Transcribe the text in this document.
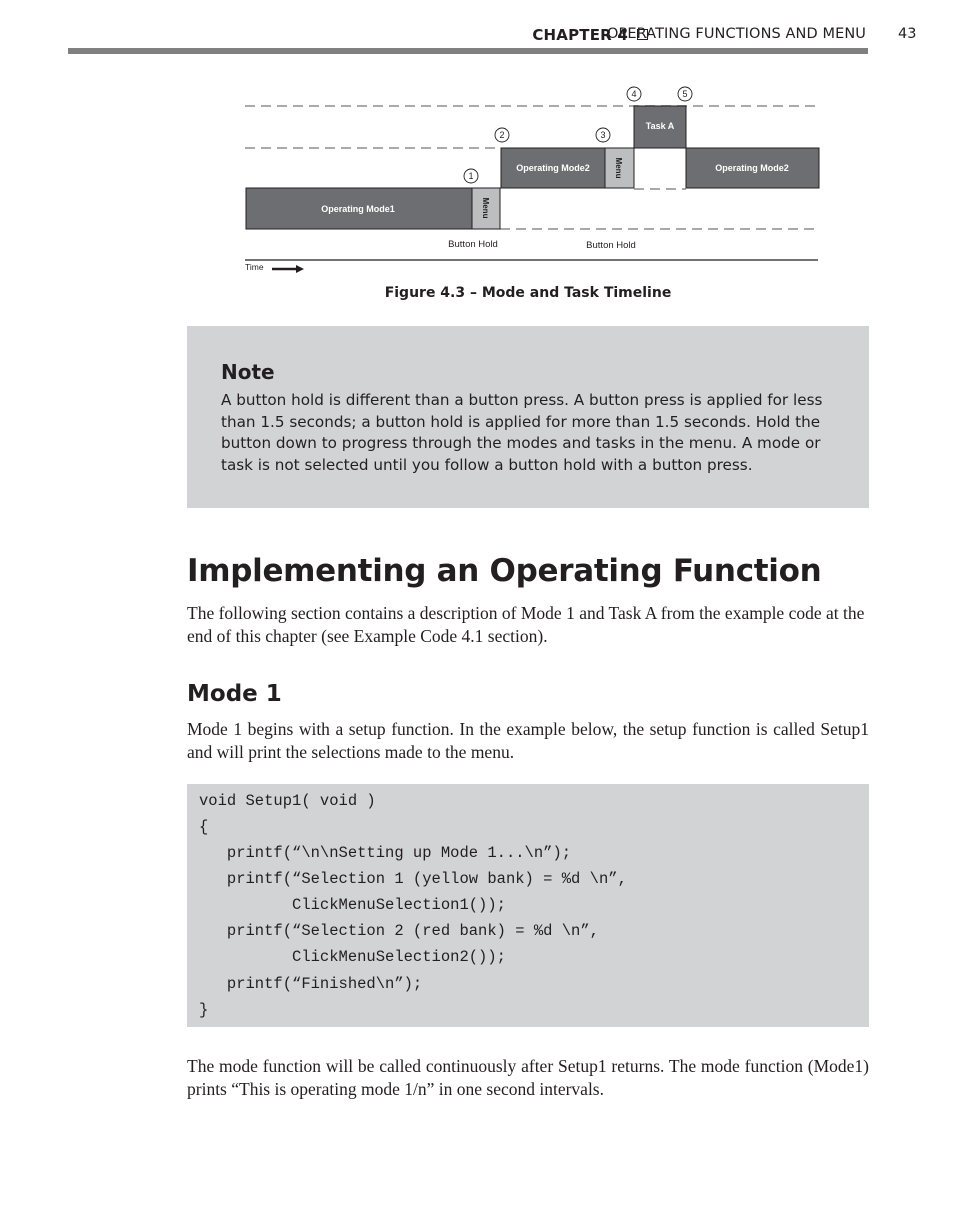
CHAPTER 4
OPERATING FUNCTIONS AND MENU 43
Operating Mode1	Menu
Operating Mode2	Menu
Task A
Operating Mode2
1
2	3
4	5
Button Hold	Button Hold
Time
Figure 4.3 – Mode and Task Timeline
Note
A button hold is different than a button press. A button press is applied for less than 1.5 seconds; a button hold is applied for more than 1.5 seconds. Hold the button down to progress through the modes and tasks in the menu. A mode or task is not selected until you follow a button hold with a button press.
Implementing an Operating Function
The following section contains a description of Mode 1 and Task A from the example code at the end of this chapter (see Example Code 4.1 section).
Mode 1
Mode 1 begins with a setup function. In the example below, the setup function is called Setup1 and will print the selections made to the menu.
void Setup1( void )
{
printf(“\n\nSetting up Mode 1...\n”);
printf(“Selection 1 (yellow bank) = %d \n”,
ClickMenuSelection1());
printf(“Selection 2 (red bank) = %d \n”,
ClickMenuSelection2());
printf(“Finished\n”);
}
The mode function will be called continuously after Setup1 returns. The mode function (Mode1) prints “This is operating mode 1/n” in one second intervals.
